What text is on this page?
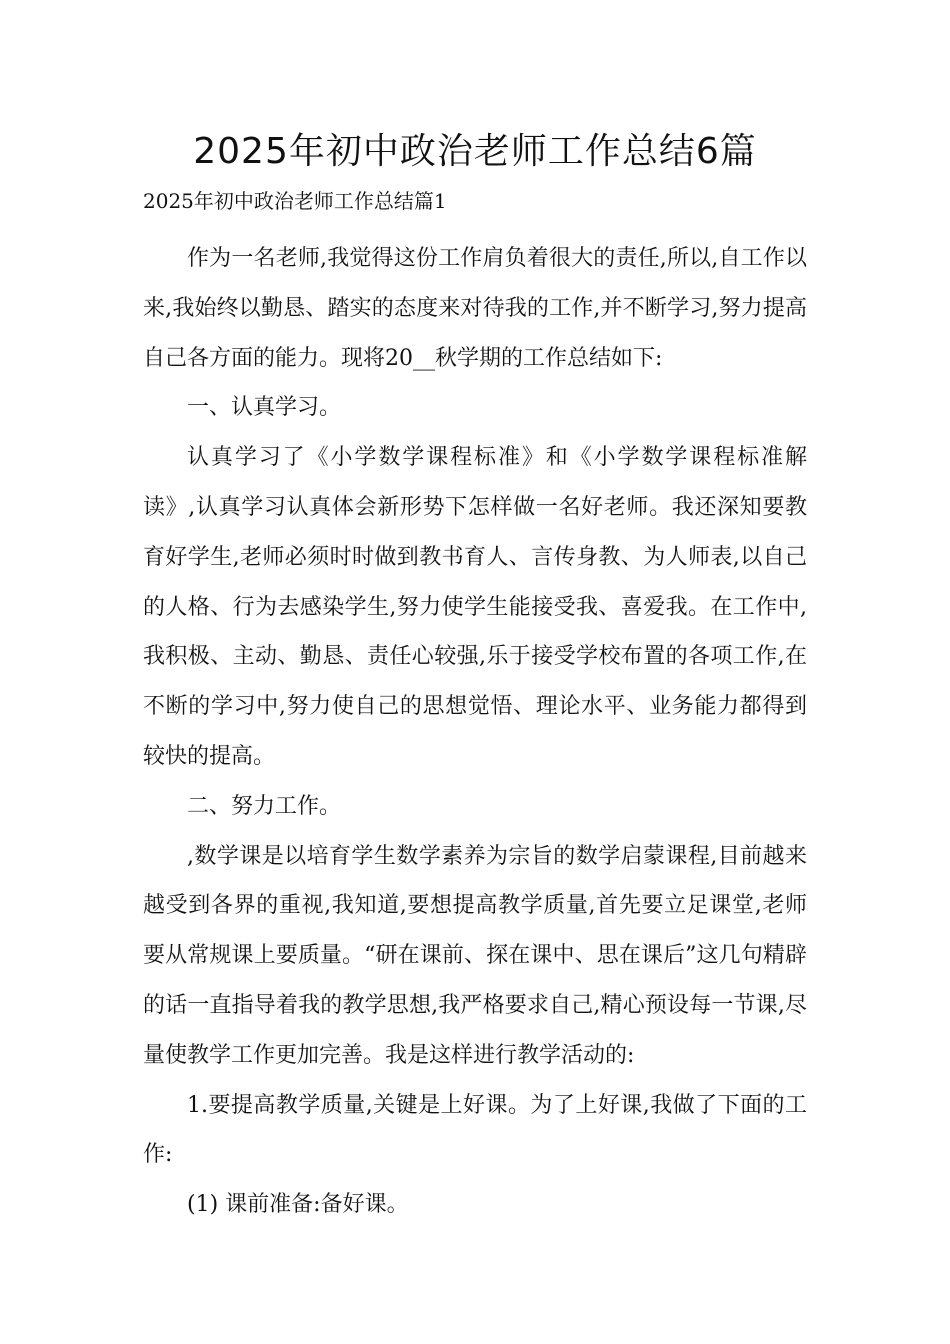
2025年初中政治老师工作总结6篇
2025年初中政治老师工作总结篇1

作为一名老师,我觉得这份工作肩负着很大的责任,所以,自工作以来,我始终以勤恳、踏实的态度来对待我的工作,并不断学习,努力提高自己各方面的能力。现将20__秋学期的工作总结如下:

一、认真学习。

认真学习了《小学数学课程标准》和《小学数学课程标准解读》,认真学习认真体会新形势下怎样做一名好老师。我还深知要教育好学生,老师必须时时做到教书育人、言传身教、为人师表,以自己的人格、行为去感染学生,努力使学生能接受我、喜爱我。在工作中,我积极、主动、勤恳、责任心较强,乐于接受学校布置的各项工作,在不断的学习中,努力使自己的思想觉悟、理论水平、业务能力都得到较快的提高。

二、努力工作。

,数学课是以培育学生数学素养为宗旨的数学启蒙课程,目前越来越受到各界的重视,我知道,要想提高教学质量,首先要立足课堂,老师要从常规课上要质量。“研在课前、探在课中、思在课后”这几句精辟的话一直指导着我的教学思想,我严格要求自己,精心预设每一节课,尽量使教学工作更加完善。我是这样进行教学活动的:

1.要提高教学质量,关键是上好课。为了上好课,我做了下面的工作:

(1) 课前准备:备好课。
